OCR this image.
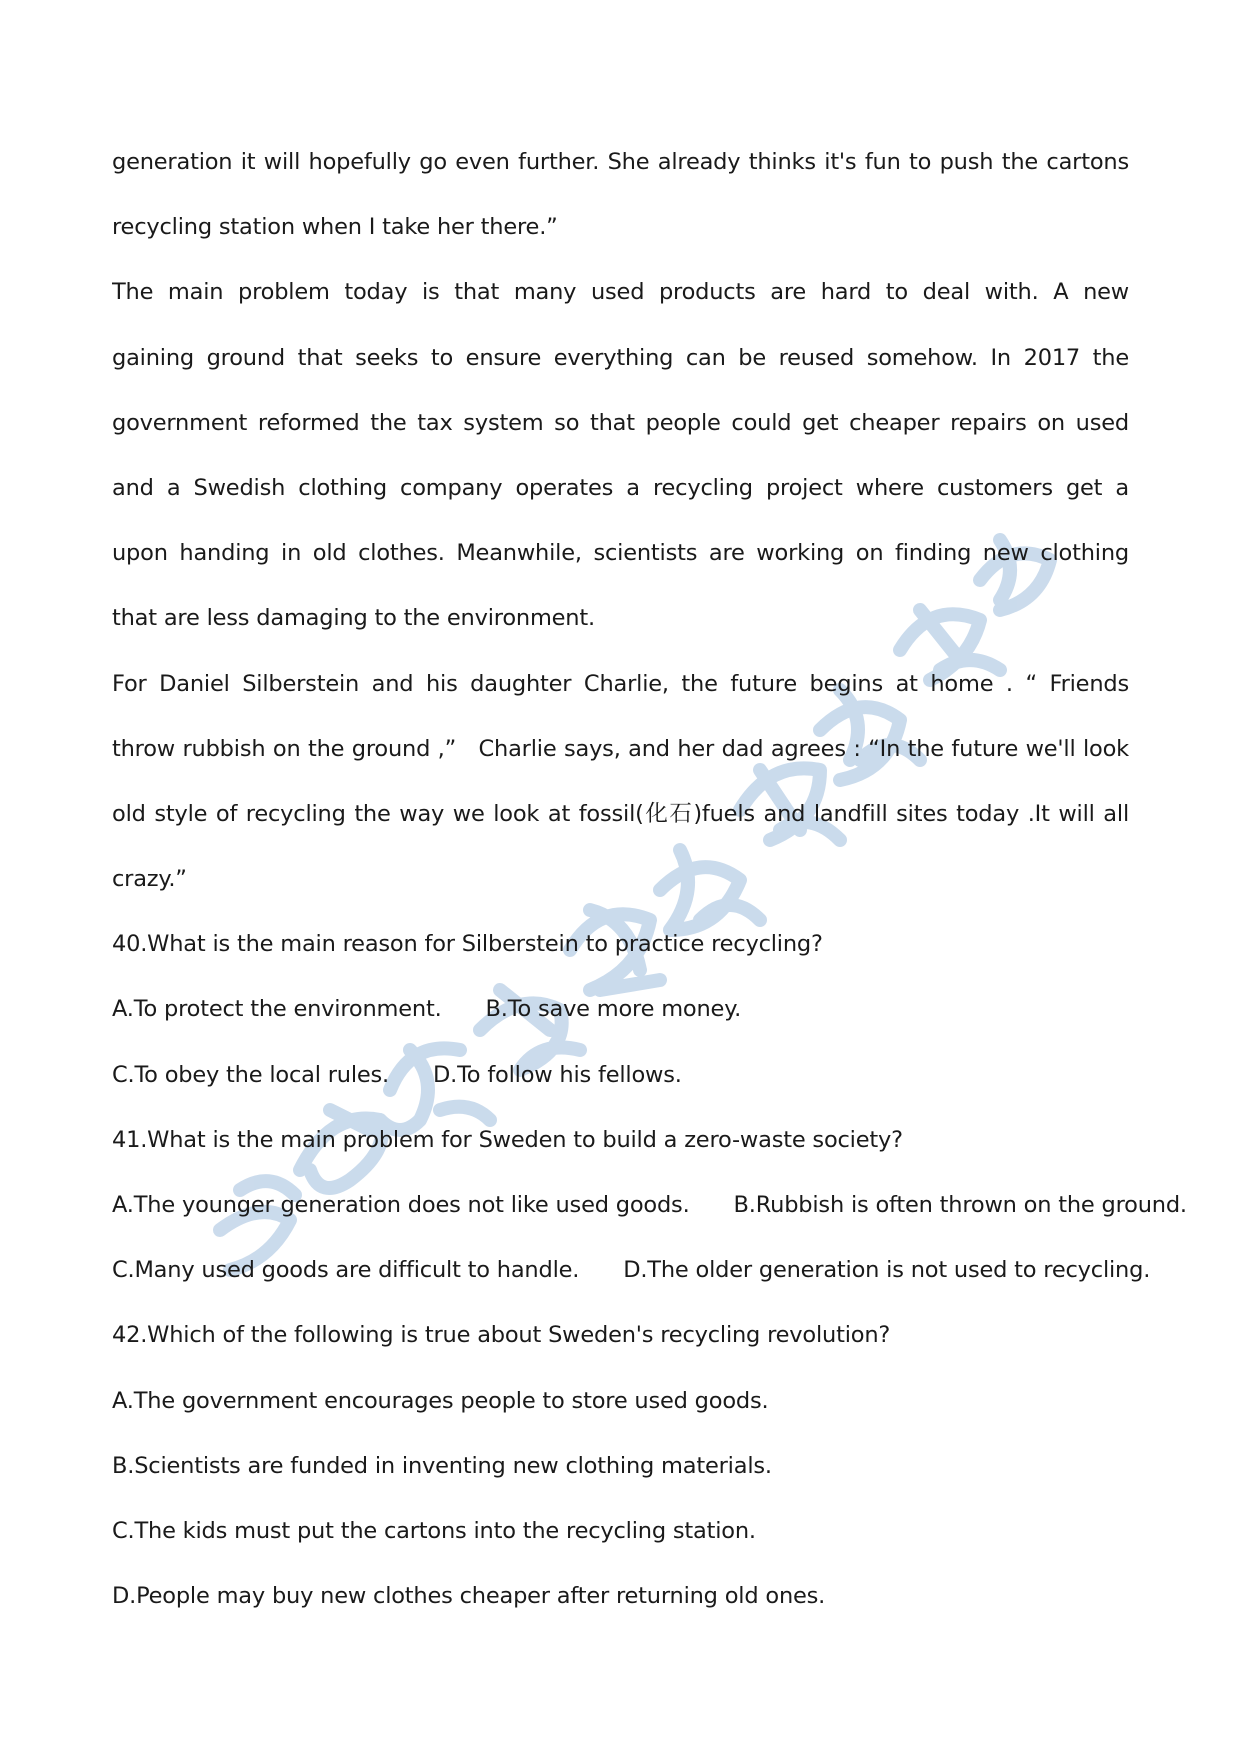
generation it will hopefully go even further. She already thinks it's fun to push the cartons
recycling station when I take her there.”
The main problem today is that many used products are hard to deal with. A new
gaining ground that seeks to ensure everything can be reused somehow. In 2017 the
government reformed the tax system so that people could get cheaper repairs on used
and a Swedish clothing company operates a recycling project where customers get a
upon handing in old clothes. Meanwhile, scientists are working on finding new clothing
that are less damaging to the environment.
For Daniel Silberstein and his daughter Charlie, the future begins at home . “ Friends
throw rubbish on the ground ,”   Charlie says, and her dad agrees : “In the future we'll look
old style of recycling the way we look at fossil(化石)fuels and landfill sites today .It will all
crazy.”
40.What is the main reason for Silberstein to practice recycling?
A.To protect the environment. B.To save more money.
C.To obey the local rules. D.To follow his fellows.
41.What is the main problem for Sweden to build a zero-waste society?
A.The younger generation does not like used goods. B.Rubbish is often thrown on the ground.
C.Many used goods are difficult to handle. D.The older generation is not used to recycling.
42.Which of the following is true about Sweden's recycling revolution?
A.The government encourages people to store used goods.
B.Scientists are funded in inventing new clothing materials.
C.The kids must put the cartons into the recycling station.
D.People may buy new clothes cheaper after returning old ones.
